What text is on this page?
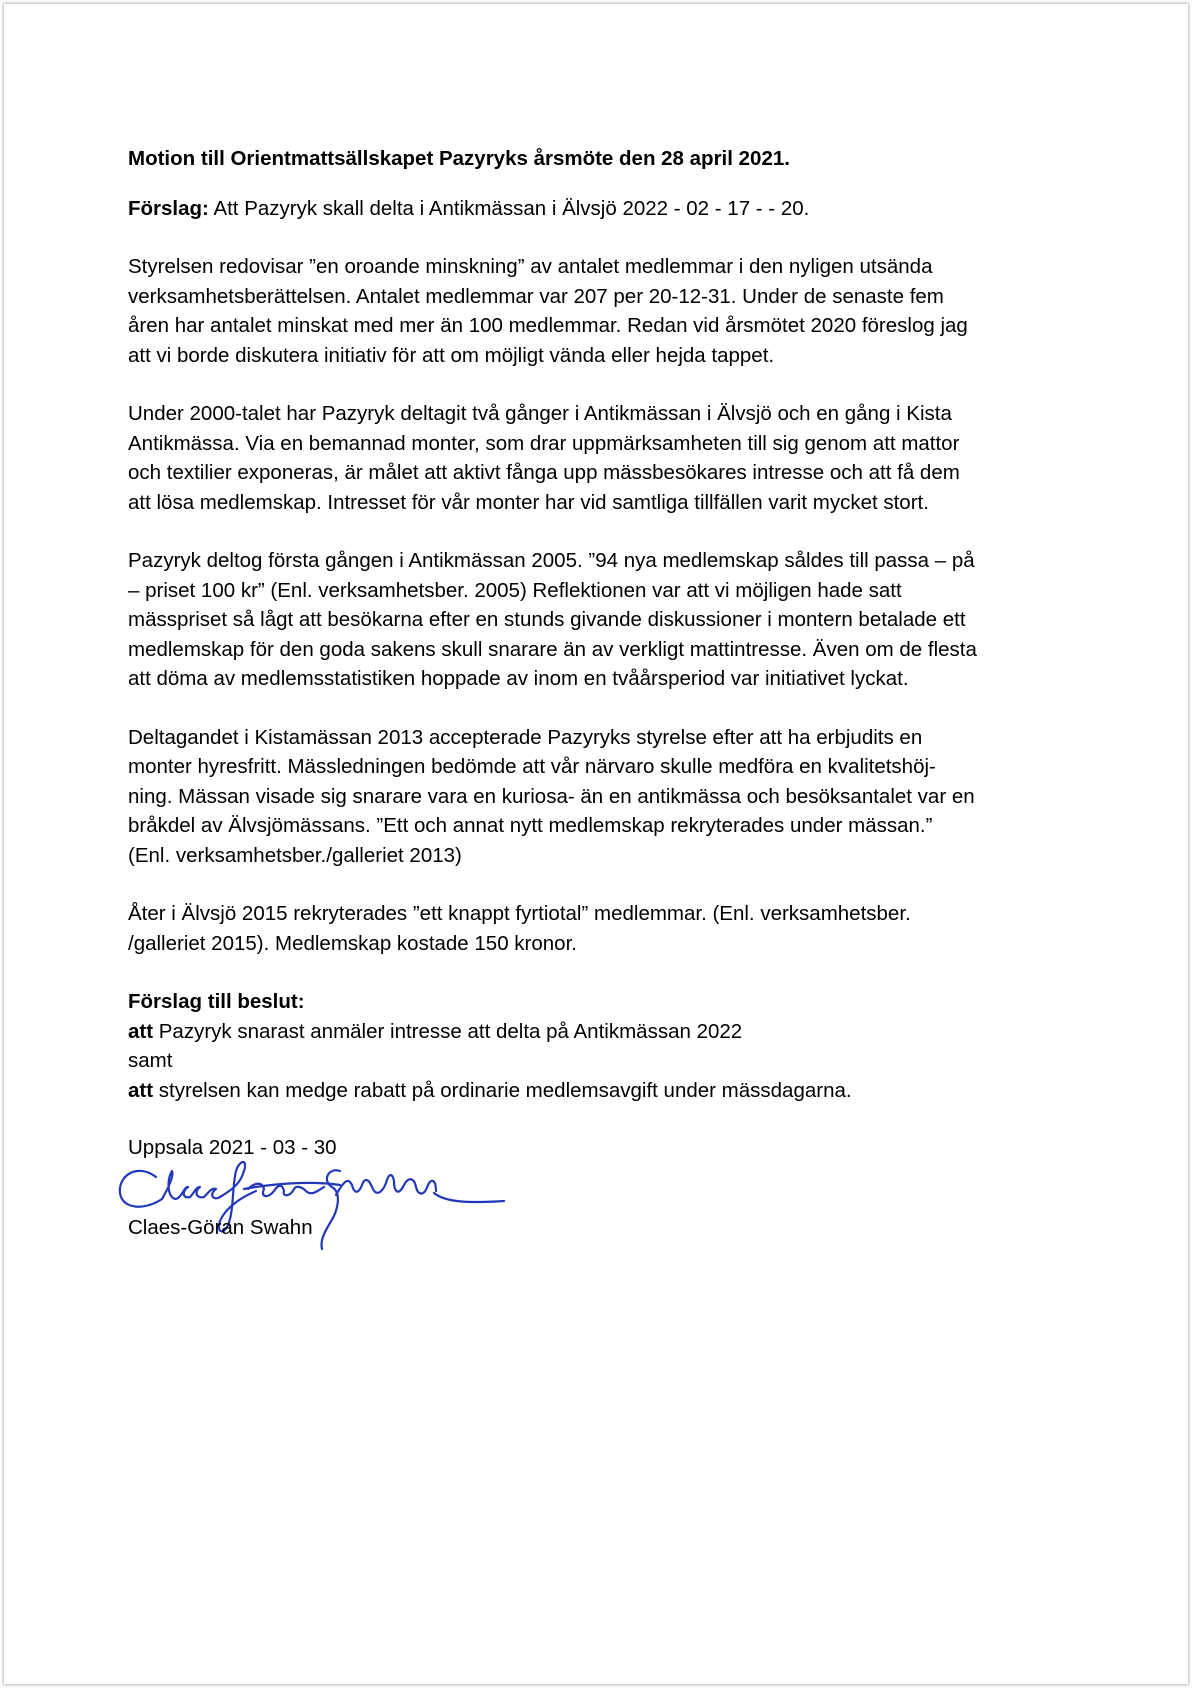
Motion till Orientmattsällskapet Pazyryks årsmöte den 28 april 2021.

Förslag: Att Pazyryk skall delta i Antikmässan i Älvsjö 2022 - 02 - 17 - - 20.

Styrelsen redovisar ”en oroande minskning” av antalet medlemmar i den nyligen utsända
verksamhetsberättelsen. Antalet medlemmar var 207 per 20-12-31. Under de senaste fem
åren har antalet minskat med mer än 100 medlemmar. Redan vid årsmötet 2020 föreslog jag
att vi borde diskutera initiativ för att om möjligt vända eller hejda tappet.

Under 2000-talet har Pazyryk deltagit två gånger i Antikmässan i Älvsjö och en gång i Kista
Antikmässa. Via en bemannad monter, som drar uppmärksamheten till sig genom att mattor
och textilier exponeras, är målet att aktivt fånga upp mässbesökares intresse och att få dem
att lösa medlemskap. Intresset för vår monter har vid samtliga tillfällen varit mycket stort.

Pazyryk deltog första gången i Antikmässan 2005. ”94 nya medlemskap såldes till passa – på
– priset 100 kr” (Enl. verksamhetsber. 2005) Reflektionen var att vi möjligen hade satt
mässpriset så lågt att besökarna efter en stunds givande diskussioner i montern betalade ett
medlemskap för den goda sakens skull snarare än av verkligt mattintresse. Även om de flesta
att döma av medlemsstatistiken hoppade av inom en tvåårsperiod var initiativet lyckat.

Deltagandet i Kistamässan 2013 accepterade Pazyryks styrelse efter att ha erbjudits en
monter hyresfritt. Mässledningen bedömde att vår närvaro skulle medföra en kvalitetshöj-
ning. Mässan visade sig snarare vara en kuriosa- än en antikmässa och besöksantalet var en
bråkdel av Älvsjömässans. ”Ett och annat nytt medlemskap rekryterades under mässan.”
(Enl. verksamhetsber./galleriet 2013)

Åter i Älvsjö 2015 rekryterades ”ett knappt fyrtiotal” medlemmar. (Enl. verksamhetsber.
/galleriet 2015). Medlemskap kostade 150 kronor.

Förslag till beslut:
att Pazyryk snarast anmäler intresse att delta på Antikmässan 2022
samt
att styrelsen kan medge rabatt på ordinarie medlemsavgift under mässdagarna.
Uppsala 2021 - 03 - 30
Claes-Göran Swahn
